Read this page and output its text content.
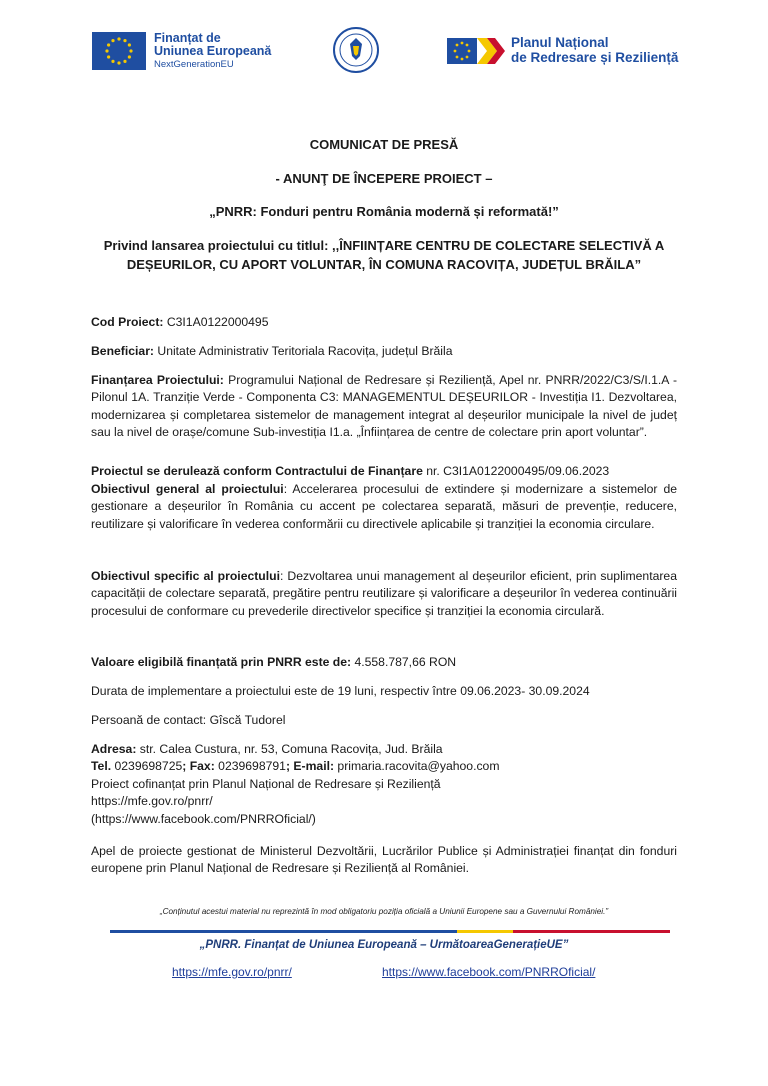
Finanțat de
Uniunea Europeană
NextGenerationEU
Planul Național
de Redresare și Reziliență
COMUNICAT DE PRESĂ
- ANUNŢ DE ÎNCEPERE PROIECT –
„PNRR: Fonduri pentru România modernă și reformată!”
Privind lansarea proiectului cu titlul: ,,ÎNFIINȚARE CENTRU DE COLECTARE SELECTIVĂ A
DEȘEURILOR, CU APORT VOLUNTAR, ÎN COMUNA RACOVIȚA, JUDEȚUL BRĂILA”
Cod Proiect: C3I1A0122000495
Beneficiar: Unitate Administrativ Teritoriala Racovița, județul Brăila
Finanțarea Proiectului: Programului Național de Redresare și Reziliență, Apel nr. PNRR/2022/C3/S/I.1.A - Pilonul 1A. Tranziție Verde - Componenta C3: MANAGEMENTUL DEȘEURILOR - Investiția I1. Dezvoltarea, modernizarea și completarea sistemelor de management integrat al deșeurilor municipale la nivel de județ sau la nivel de orașe/comune Sub-investiția I1.a. „Înființarea de centre de colectare prin aport voluntar”.
Proiectul se derulează conform Contractului de Finanțare nr. C3I1A0122000495/09.06.2023
Obiectivul general al proiectului: Accelerarea procesului de extindere și modernizare a sistemelor de gestionare a deșeurilor în România cu accent pe colectarea separată, măsuri de prevenție, reducere, reutilizare și valorificare în vederea conformării cu directivele aplicabile și tranziției la economia circulare.
Obiectivul specific al proiectului: Dezvoltarea unui management al deșeurilor eficient, prin suplimentarea capacității de colectare separată, pregătire pentru reutilizare și valorificare a deșeurilor în vederea continuării procesului de conformare cu prevederile directivelor specifice și tranziției la economia circulară.
Valoare eligibilă finanțată prin PNRR este de: 4.558.787,66 RON
Durata de implementare a proiectului este de 19 luni, respectiv între 09.06.2023- 30.09.2024
Persoană de contact: Gîscă Tudorel
Adresa: str. Calea Custura, nr. 53, Comuna Racovița, Jud. Brăila
Tel. 0239698725; Fax: 0239698791; E-mail: primaria.racovita@yahoo.com
Proiect cofinanțat prin Planul Național de Redresare și Reziliență
https://mfe.gov.ro/pnrr/
(https://www.facebook.com/PNRROficial/)
Apel de proiecte gestionat de Ministerul Dezvoltării, Lucrărilor Publice și Administrației finanțat din fonduri europene prin Planul Național de Redresare și Reziliență al României.
„Conținutul acestui material nu reprezintă în mod obligatoriu poziția oficială a Uniunii Europene sau a Guvernului României.”
„PNRR. Finanțat de Uniunea Europeană – UrmătoareaGenerațieUE”
https://mfe.gov.ro/pnrr/	https://www.facebook.com/PNRROficial/
